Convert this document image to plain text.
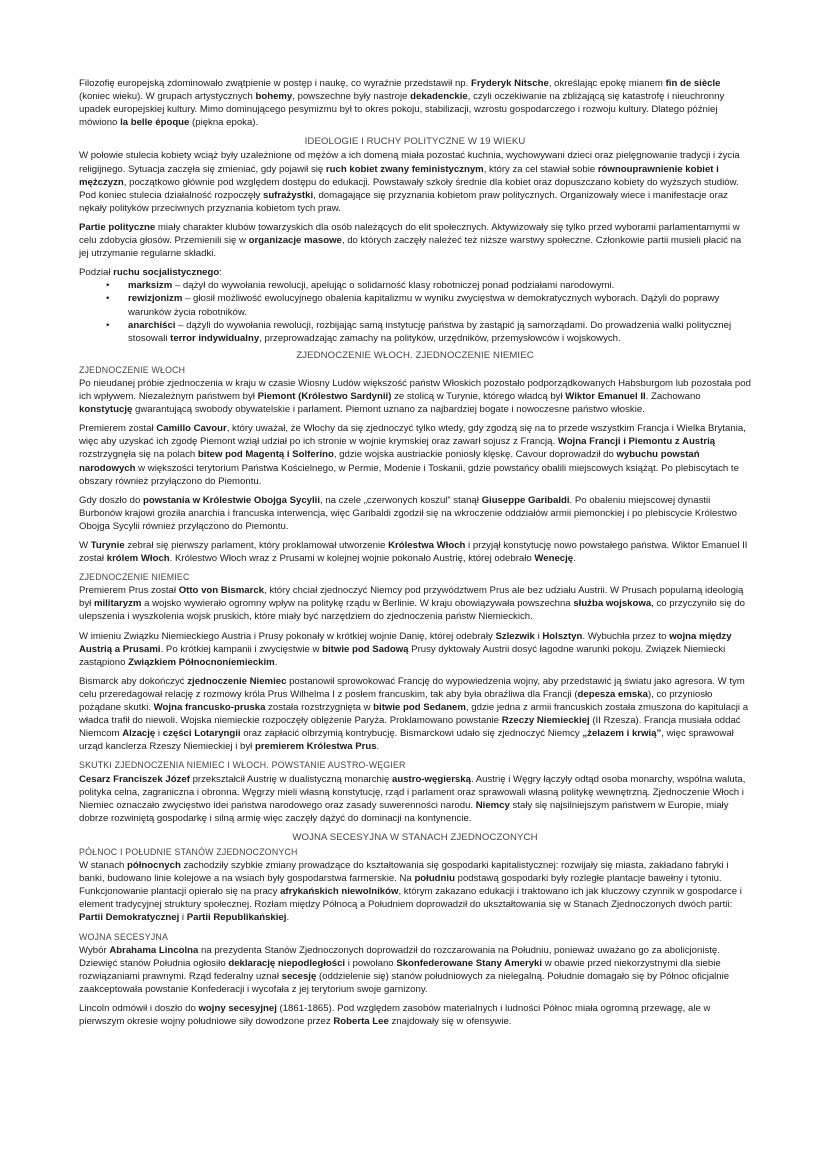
Filozofię europejską zdominowało zwątpienie w postęp i naukę, co wyraźnie przedstawił np. Fryderyk Nitsche, określając epokę mianem fin de siècle (koniec wieku). W grupach artystycznych bohemy, powszechne były nastroje dekadenckie, czyli oczekiwanie na zbliżającą się katastrofę i nieuchronny upadek europejskiej kultury. Mimo dominującego pesymizmu był to okres pokoju, stabilizacji, wzrostu gospodarczego i rozwoju kultury. Dlatego później mówiono la belle époque (piękna epoka).

IDEOLOGIE I RUCHY POLITYCZNE W 19 WIEKU

W połowie stulecia kobiety wciąż były uzależnione od mężów a ich domeną miała pozostać kuchnia, wychowywani dzieci oraz pielęgnowanie tradycji i życia religijnego. Sytuacja zaczęła się zmieniać, gdy pojawił się ruch kobiet zwany feministycznym, który za cel stawiał sobie równouprawnienie kobiet i mężczyzn, początkowo głównie pod względem dostępu do edukacji. Powstawały szkoły średnie dla kobiet oraz dopuszczano kobiety do wyższych studiów. Pod koniec stulecia działalność rozpoczęły sufrażystki, domagające się przyznania kobietom praw politycznych. Organizowały wiece i manifestacje oraz nękały polityków przeciwnych przyznania kobietom tych praw.

Partie polityczne miały charakter klubów towarzyskich dla osób należących do elit społecznych. Aktywizowały się tylko przed wyborami parlamentarnymi w celu zdobycia głosów. Przemienili się w organizacje masowe, do których zaczęły należeć też niższe warstwy społeczne. Członkowie partii musieli płacić na jej utrzymanie regularne składki.

Podział ruchu socjalistycznego:
• marksizm – dążył do wywołania rewolucji, apelując o solidarność klasy robotniczej ponad podziałami narodowymi.
• rewizjonizm – głosił możliwość ewolucyjnego obalenia kapitalizmu w wyniku zwycięstwa w demokratycznych wyborach. Dążyli do poprawy warunków życia robotników.
• anarchiści – dążyli do wywołania rewolucji, rozbijając samą instytucję państwa by zastąpić ją samorządami. Do prowadzenia walki politycznej stosowali terror indywidualny, przeprowadzając zamachy na polityków, urzędników, przemysłowców i wojskowych.
ZJEDNOCZENIE WŁOCH. ZJEDNOCZENIE NIEMIEC
ZJEDNOCZENIE WŁOCH

Po nieudanej próbie zjednoczenia w kraju w czasie Wiosny Ludów większość państw Włoskich pozostało podporządkowanych Habsburgom lub pozostała pod ich wpływem. Niezależnym państwem był Piemont (Królestwo Sardynii) ze stolicą w Turynie, którego władcą był Wiktor Emanuel II. Zachowano konstytucję gwarantującą swobody obywatelskie i parlament. Piemont uznano za najbardziej bogate i nowoczesne państwo włoskie.

Premierem został Camillo Cavour, który uważał, że Włochy da się zjednoczyć tylko wtedy, gdy zgodzą się na to przede wszystkim Francja i Wielka Brytania, więc aby uzyskać ich zgodę Piemont wziął udział po ich stronie w wojnie krymskiej oraz zawarł sojusz z Francją. Wojna Francji i Piemontu z Austrią rozstrzygnęła się na polach bitew pod Magentą i Solferino, gdzie wojska austriackie poniosły klęskę. Cavour doprowadził do wybuchu powstań narodowych w większości terytorium Państwa Kościelnego, w Permie, Modenie i Toskanii, gdzie powstańcy obalili miejscowych książąt. Po plebiscytach te obszary również przyłączono do Piemontu.

Gdy doszło do powstania w Królestwie Obojga Sycylii, na czele „czerwonych koszul” stanął Giuseppe Garibaldi. Po obaleniu miejscowej dynastii Burbonów krajowi groziła anarchia i francuska interwencja, więc Garibaldi zgodził się na wkroczenie oddziałów armii piemonckiej i po plebiscycie Królestwo Obojga Sycylii również przyłączono do Piemontu.

W Turynie zebrał się pierwszy parlament, który proklamował utworzenie Królestwa Włoch i przyjął konstytucję nowo powstałego państwa. Wiktor Emanuel II został królem Włoch. Królestwo Włoch wraz z Prusami w kolejnej wojnie pokonało Austrię, której odebrało Wenecję.

ZJEDNOCZENIE NIEMIEC

Premierem Prus został Otto von Bismarck, który chciał zjednoczyć Niemcy pod przywództwem Prus ale bez udziału Austrii. W Prusach popularną ideologią był militaryzm a wojsko wywierało ogromny wpływ na politykę rządu w Berlinie. W kraju obowiązywała powszechna służba wojskowa, co przyczyniło się do ulepszenia i wyszkolenia wojsk pruskich, które miały być narzędziem do zjednoczenia państw Niemieckich.

W imieniu Związku Niemieckiego Austria i Prusy pokonały w krótkiej wojnie Danię, której odebrały Szlezwik i Holsztyn. Wybuchła przez to wojna między Austrią a Prusami. Po krótkiej kampanii i zwycięstwie w bitwie pod Sadową Prusy dyktowały Austrii dosyć łagodne warunki pokoju. Związek Niemiecki zastąpiono Związkiem Północnoniemieckim.

Bismarck aby dokończyć zjednoczenie Niemiec postanowił sprowokować Francję do wypowiedzenia wojny, aby przedstawić ją światu jako agresora. W tym celu przeredagował relację z rozmowy króla Prus Wilhelma I z posłem francuskim, tak aby była obraźliwa dla Francji (depesza emska), co przyniosło pożądane skutki. Wojna francusko-pruska została rozstrzygnięta w bitwie pod Sedanem, gdzie jedna z armii francuskich została zmuszona do kapitulacji a władca trafił do niewoli. Wojska niemieckie rozpoczęły oblężenie Paryża. Proklamowano powstanie Rzeczy Niemieckiej (II Rzesza). Francja musiała oddać Niemcom Alzację i części Lotaryngii oraz zapłacić olbrzymią kontrybucję. Bismarckowi udało się zjednoczyć Niemcy „żelazem i krwią”, więc sprawował urząd kanclerza Rzeszy Niemieckiej i był premierem Królestwa Prus.

SKUTKI ZJEDNOCZENIA NIEMIEC I WŁOCH. POWSTANIE AUSTRO-WĘGIER

Cesarz Franciszek Józef przekształcił Austrię w dualistyczną monarchię austro-węgierską. Austrię i Węgry łączyły odtąd osoba monarchy, wspólna waluta, polityka celna, zagraniczna i obronna. Węgrzy mieli własną konstytucję, rząd i parlament oraz sprawowali własną politykę wewnętrzną. Zjednoczenie Włoch i Niemiec oznaczało zwycięstwo idei państwa narodowego oraz zasady suwerenności narodu. Niemcy stały się najsilniejszym państwem w Europie, miały dobrze rozwiniętą gospodarkę i silną armię więc zaczęły dążyć do dominacji na kontynencie.

WOJNA SECESYJNA W STANACH ZJEDNOCZONYCH
PÓŁNOC I POŁUDNIE STANÓW ZJEDNOCZONYCH

W stanach północnych zachodziły szybkie zmiany prowadzące do kształtowania się gospodarki kapitalistycznej: rozwijały się miasta, zakładano fabryki i banki, budowano linie kolejowe a na wsiach były gospodarstwa farmerskie. Na południu podstawą gospodarki były rozległe plantacje bawełny i tytoniu. Funkcjonowanie plantacji opierało się na pracy afrykańskich niewolników, którym zakazano edukacji i traktowano ich jak kluczowy czynnik w gospodarce i element tradycyjnej struktury społecznej. Rozłam między Północą a Południem doprowadził do ukształtowania się w Stanach Zjednoczonych dwóch partii: Partii Demokratycznej i Partii Republikańskiej.

WOJNA SECESYJNA

Wybór Abrahama Lincolna na prezydenta Stanów Zjednoczonych doprowadził do rozczarowania na Południu, ponieważ uważano go za abolicjonistę. Dziewięć stanów Południa ogłosiło deklarację niepodległości i powołano Skonfederowane Stany Ameryki w obawie przed niekorzystnymi dla siebie rozwiązaniami prawnymi. Rząd federalny uznał secesję (oddzielenie się) stanów południowych za nielegalną. Południe domagało się by Północ oficjalnie zaakceptowała powstanie Konfederacji i wycofała z jej terytorium swoje garnizony.

Lincoln odmówił i doszło do wojny secesyjnej (1861-1865). Pod względem zasobów materialnych i ludności Północ miała ogromną przewagę, ale w pierwszym okresie wojny południowe siły dowodzone przez Roberta Lee znajdowały się w ofensywie.
